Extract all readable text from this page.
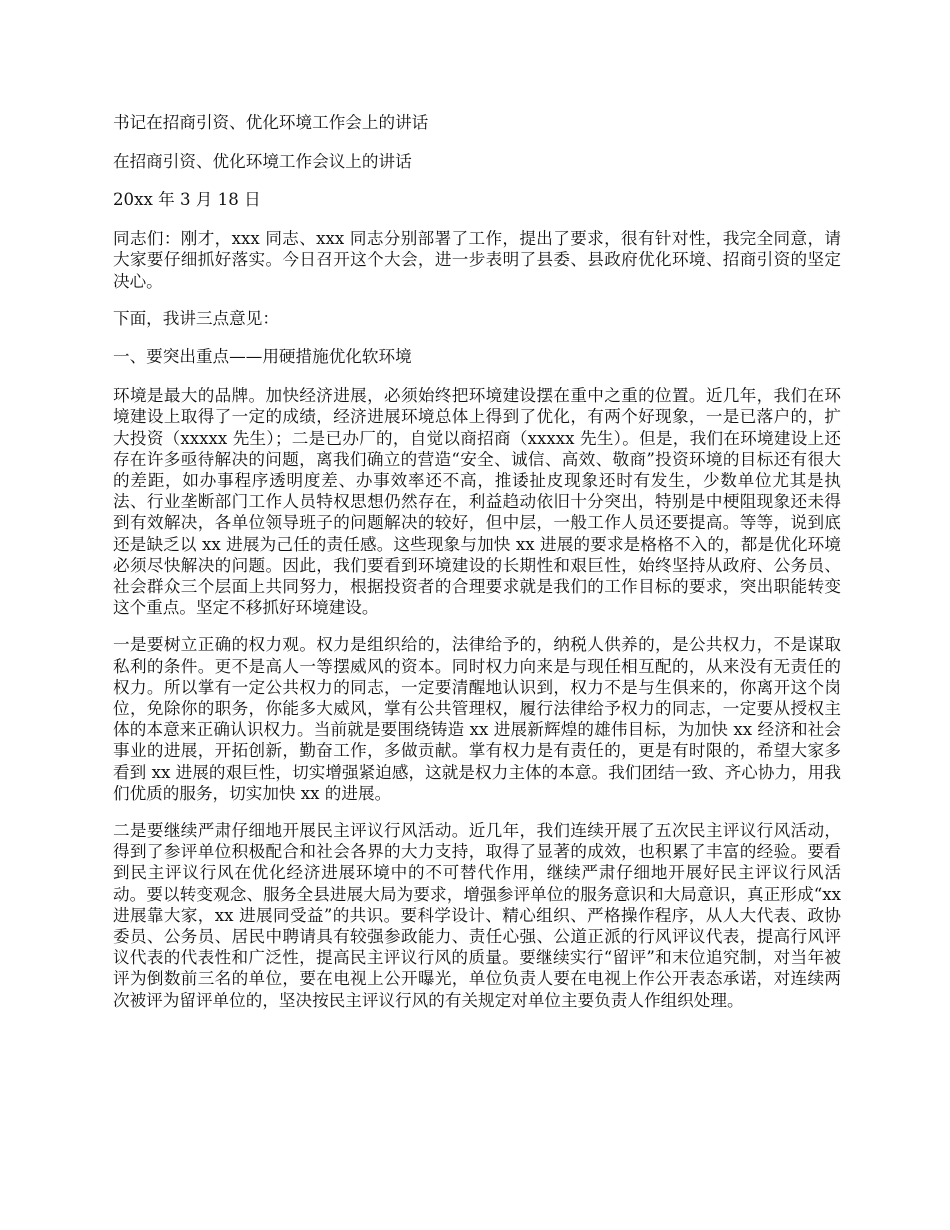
书记在招商引资、优化环境工作会上的讲话

在招商引资、优化环境工作会议上的讲话

20xx 年 3 月 18 日

同志们：刚才，xxx 同志、xxx 同志分别部署了工作，提出了要求，很有针对性，我完全同意，请大家要仔细抓好落实。今日召开这个大会，进一步表明了县委、县政府优化环境、招商引资的坚定决心。

下面，我讲三点意见：

一、要突出重点——用硬措施优化软环境

环境是最大的品牌。加快经济进展，必须始终把环境建设摆在重中之重的位置。近几年，我们在环境建设上取得了一定的成绩，经济进展环境总体上得到了优化，有两个好现象，一是已落户的，扩大投资（xxxxx 先生）；二是已办厂的，自觉以商招商（xxxxx 先生）。但是，我们在环境建设上还存在许多亟待解决的问题，离我们确立的营造“安全、诚信、高效、敬商”投资环境的目标还有很大的差距，如办事程序透明度差、办事效率还不高，推诿扯皮现象还时有发生，少数单位尤其是执法、行业垄断部门工作人员特权思想仍然存在，利益趋动依旧十分突出，特别是中梗阻现象还未得到有效解决，各单位领导班子的问题解决的较好，但中层，一般工作人员还要提高。等等，说到底还是缺乏以 xx 进展为己任的责任感。这些现象与加快 xx 进展的要求是格格不入的，都是优化环境必须尽快解决的问题。因此，我们要看到环境建设的长期性和艰巨性，始终坚持从政府、公务员、社会群众三个层面上共同努力，根据投资者的合理要求就是我们的工作目标的要求，突出职能转变这个重点。坚定不移抓好环境建设。

一是要树立正确的权力观。权力是组织给的，法律给予的，纳税人供养的，是公共权力，不是谋取私利的条件。更不是高人一等摆威风的资本。同时权力向来是与现任相互配的，从来没有无责任的权力。所以掌有一定公共权力的同志，一定要清醒地认识到，权力不是与生俱来的，你离开这个岗位，免除你的职务，你能多大威风，掌有公共管理权，履行法律给予权力的同志，一定要从授权主体的本意来正确认识权力。当前就是要围绕铸造 xx 进展新辉煌的雄伟目标，为加快 xx 经济和社会事业的进展，开拓创新，勤奋工作，多做贡献。掌有权力是有责任的，更是有时限的，希望大家多看到 xx 进展的艰巨性，切实增强紧迫感，这就是权力主体的本意。我们团结一致、齐心协力，用我们优质的服务，切实加快 xx 的进展。

二是要继续严肃仔细地开展民主评议行风活动。近几年，我们连续开展了五次民主评议行风活动，得到了参评单位积极配合和社会各界的大力支持，取得了显著的成效，也积累了丰富的经验。要看到民主评议行风在优化经济进展环境中的不可替代作用，继续严肃仔细地开展好民主评议行风活动。要以转变观念、服务全县进展大局为要求，增强参评单位的服务意识和大局意识，真正形成“xx 进展靠大家，xx 进展同受益”的共识。要科学设计、精心组织、严格操作程序，从人大代表、政协委员、公务员、居民中聘请具有较强参政能力、责任心强、公道正派的行风评议代表，提高行风评议代表的代表性和广泛性，提高民主评议行风的质量。要继续实行“留评”和末位追究制，对当年被评为倒数前三名的单位，要在电视上公开曝光，单位负责人要在电视上作公开表态承诺，对连续两次被评为留评单位的，坚决按民主评议行风的有关规定对单位主要负责人作组织处理。
